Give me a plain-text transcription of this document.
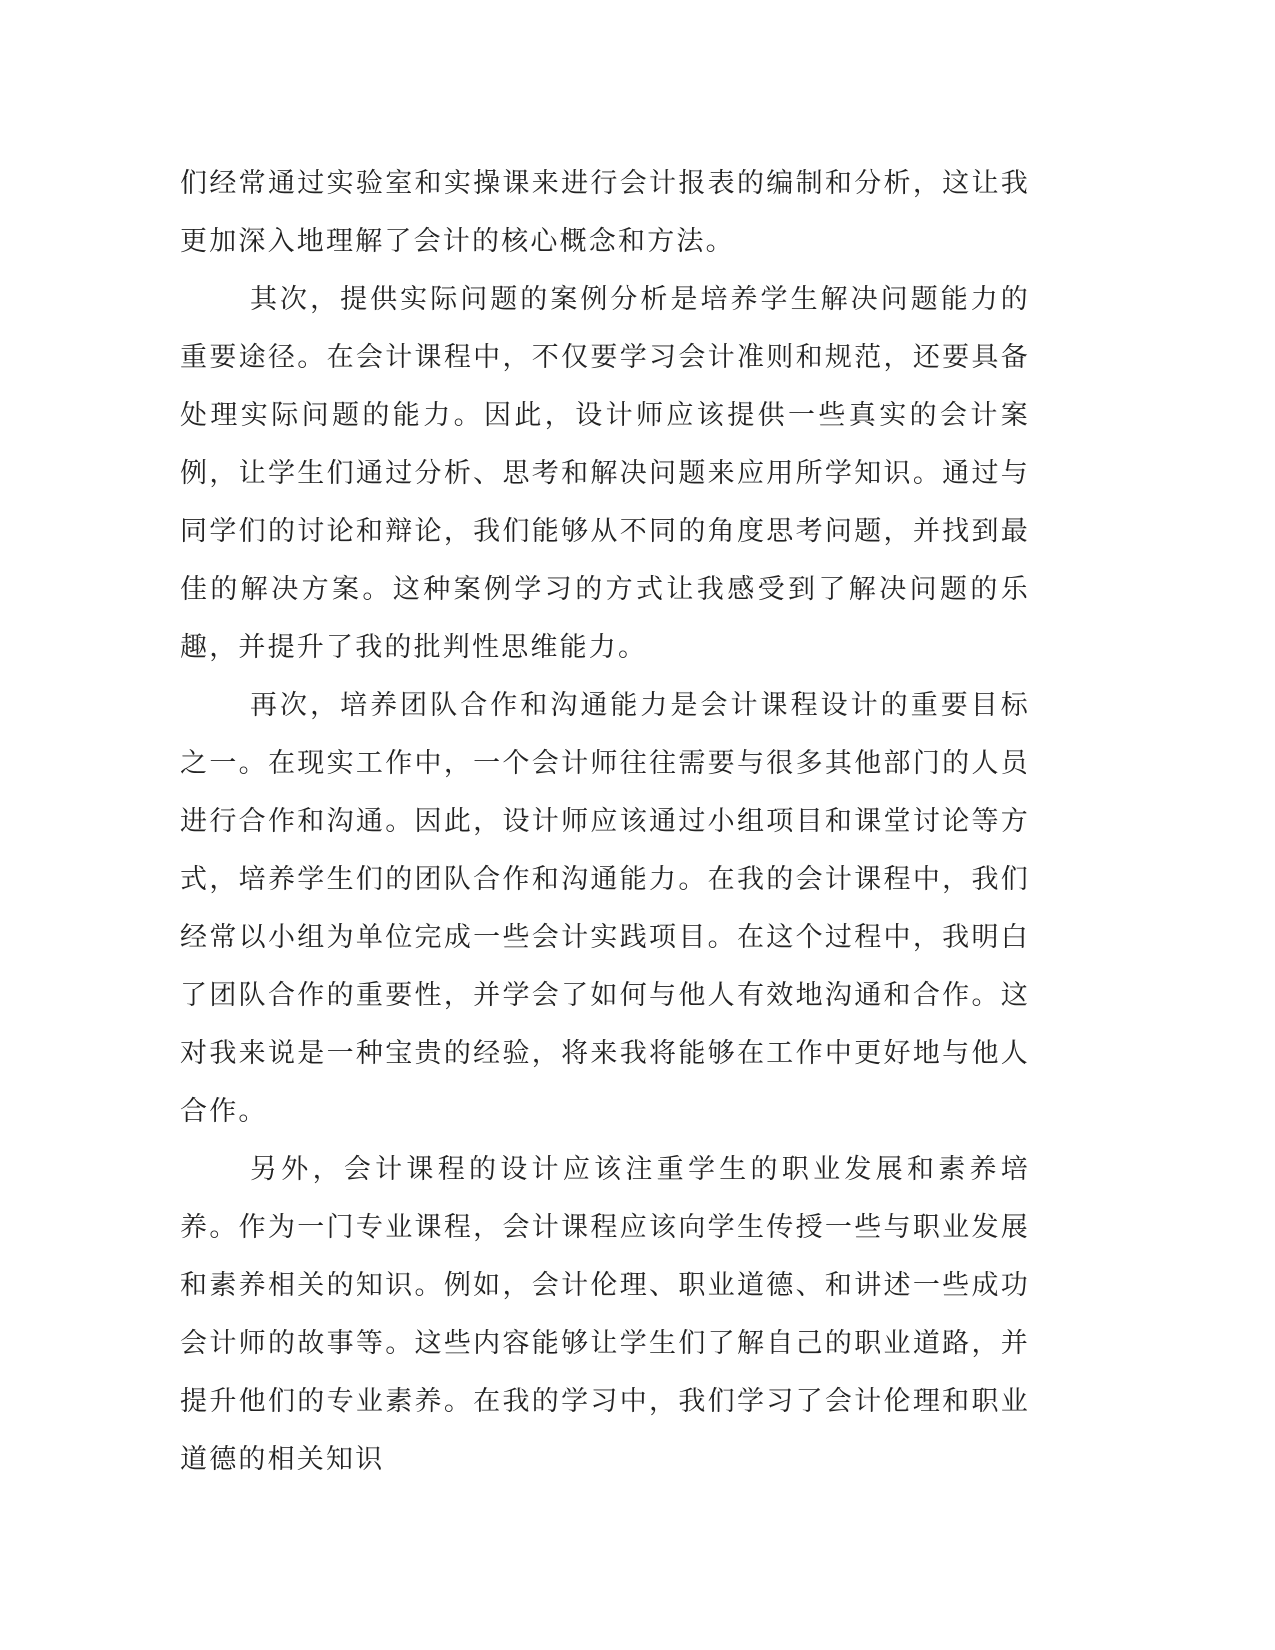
们经常通过实验室和实操课来进行会计报表的编制和分析，这让我更加深入地理解了会计的核心概念和方法。

其次，提供实际问题的案例分析是培养学生解决问题能力的重要途径。在会计课程中，不仅要学习会计准则和规范，还要具备处理实际问题的能力。因此，设计师应该提供一些真实的会计案例，让学生们通过分析、思考和解决问题来应用所学知识。通过与同学们的讨论和辩论，我们能够从不同的角度思考问题，并找到最佳的解决方案。这种案例学习的方式让我感受到了解决问题的乐趣，并提升了我的批判性思维能力。

再次，培养团队合作和沟通能力是会计课程设计的重要目标之一。在现实工作中，一个会计师往往需要与很多其他部门的人员进行合作和沟通。因此，设计师应该通过小组项目和课堂讨论等方式，培养学生们的团队合作和沟通能力。在我的会计课程中，我们经常以小组为单位完成一些会计实践项目。在这个过程中，我明白了团队合作的重要性，并学会了如何与他人有效地沟通和合作。这对我来说是一种宝贵的经验，将来我将能够在工作中更好地与他人合作。

另外，会计课程的设计应该注重学生的职业发展和素养培养。作为一门专业课程，会计课程应该向学生传授一些与职业发展和素养相关的知识。例如，会计伦理、职业道德、和讲述一些成功会计师的故事等。这些内容能够让学生们了解自己的职业道路，并提升他们的专业素养。在我的学习中，我们学习了会计伦理和职业道德的相关知识
